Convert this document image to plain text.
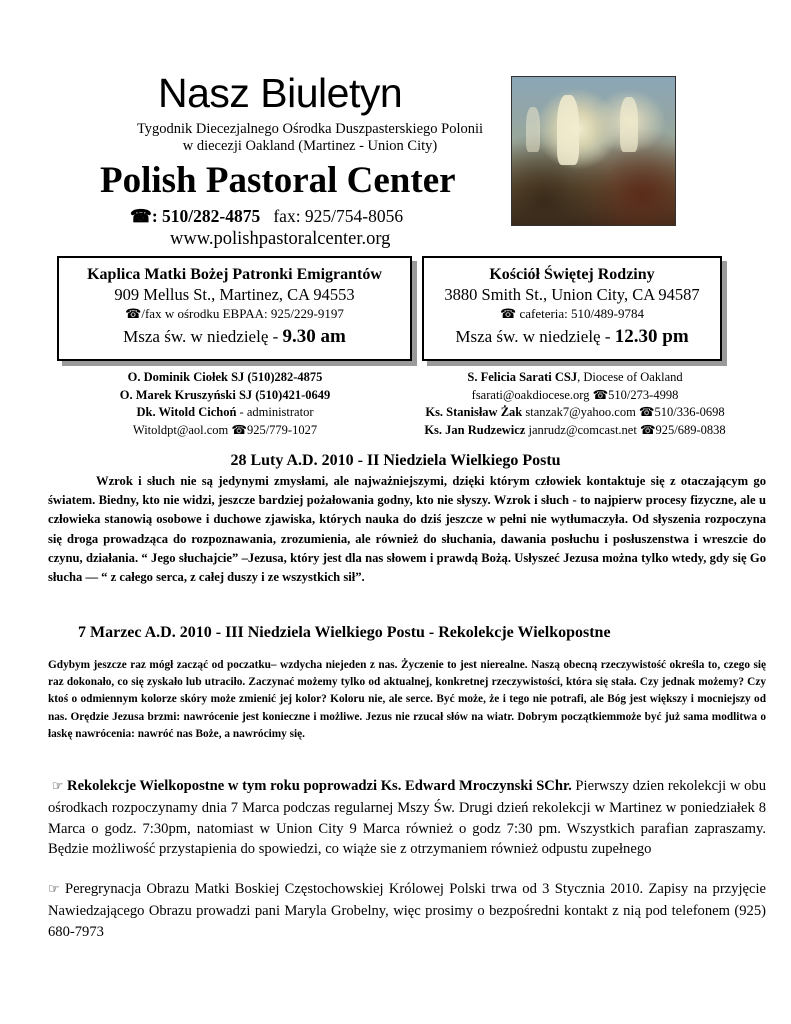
Nasz Biuletyn
Tygodnik Diecezjalnego Ośrodka Duszpasterskiego Polonii
w diecezji Oakland (Martinez - Union City)
Polish Pastoral Center
☎: 510/282-4875 fax: 925/754-8056
www.polishpastoralcenter.org
Kaplica Matki Bożej Patronki Emigrantów
909 Mellus St., Martinez, CA 94553
☎/fax w ośrodku EBPAA: 925/229-9197
Msza św. w niedzielę - 9.30 am
Kościół Świętej Rodziny
3880 Smith St., Union City, CA 94587
☎ cafeteria: 510/489-9784
Msza św. w niedzielę - 12.30 pm
O. Dominik Ciołek SJ (510)282-4875
O. Marek Kruszyński SJ (510)421-0649
Dk. Witold Cichoń - administrator
Witoldpt@aol.com ☎925/779-1027
S. Felicia Sarati CSJ, Diocese of Oakland
fsarati@oakdiocese.org ☎510/273-4998
Ks. Stanisław Żak stanzak7@yahoo.com ☎510/336-0698
Ks. Jan Rudzewicz janrudz@comcast.net ☎925/689-0838
28 Luty A.D. 2010 - II Niedziela Wielkiego Postu
Wzrok i słuch nie są jedynymi zmysłami, ale najważniejszymi, dzięki którym człowiek kontaktuje się z otaczającym go światem. Biedny, kto nie widzi, jeszcze bardziej pożałowania godny, kto nie słyszy. Wzrok i słuch - to najpierw procesy fizyczne, ale u człowieka stanowią osobowe i duchowe zjawiska, których nauka do dziś jeszcze w pełni nie wytłumaczyła. Od słyszenia rozpoczyna się droga prowadząca do rozpoznawania, zrozumienia, ale również do słuchania, dawania posłuchu i posłuszenstwa i wreszcie do czynu, działania. “ Jego słuchajcie” –Jezusa, który jest dla nas słowem i prawdą Bożą. Usłyszeć Jezusa można tylko wtedy, gdy się Go słucha — “ z całego serca, z całej duszy i ze wszystkich sił”.
7 Marzec A.D. 2010 - III Niedziela Wielkiego Postu - Rekolekcje Wielkopostne
Gdybym jeszcze raz mógł zacząć od poczatku– wzdycha niejeden z nas. Życzenie to jest nierealne. Naszą obecną rzeczywistość określa to, czego się raz dokonało, co się zyskało lub utraciło. Zaczynać możemy tylko od aktualnej, konkretnej rzeczywistości, która się stała. Czy jednak możemy? Czy ktoś o odmiennym kolorze skóry może zmienić jej kolor? Koloru nie, ale serce. Być może, że i tego nie potrafi, ale Bóg jest większy i mocniejszy od nas. Orędzie Jezusa brzmi: nawrócenie jest konieczne i możliwe. Jezus nie rzucał słów na wiatr. Dobrym początkiemmoże być już sama modlitwa o łaskę nawrócenia: nawróć nas Boże, a nawrócimy się.
☞ Rekolekcje Wielkopostne w tym roku poprowadzi Ks. Edward Mroczynski SChr. Pierwszy dzien rekolekcji w obu ośrodkach rozpoczynamy dnia 7 Marca podczas regularnej Mszy Św. Drugi dzień rekolekcji w Martinez w poniedziałek 8 Marca o godz. 7:30pm, natomiast w Union City 9 Marca również o godz 7:30 pm. Wszystkich parafian zapraszamy. Będzie możliwość przystapienia do spowiedzi, co wiąże sie z otrzymaniem również odpustu zupełnego
☞ Peregrynacja Obrazu Matki Boskiej Częstochowskiej Królowej Polski trwa od 3 Stycznia 2010. Zapisy na przyjęcie Nawiedzającego Obrazu prowadzi pani Maryla Grobelny, więc prosimy o bezpośredni kontakt z nią pod telefonem (925) 680-7973
